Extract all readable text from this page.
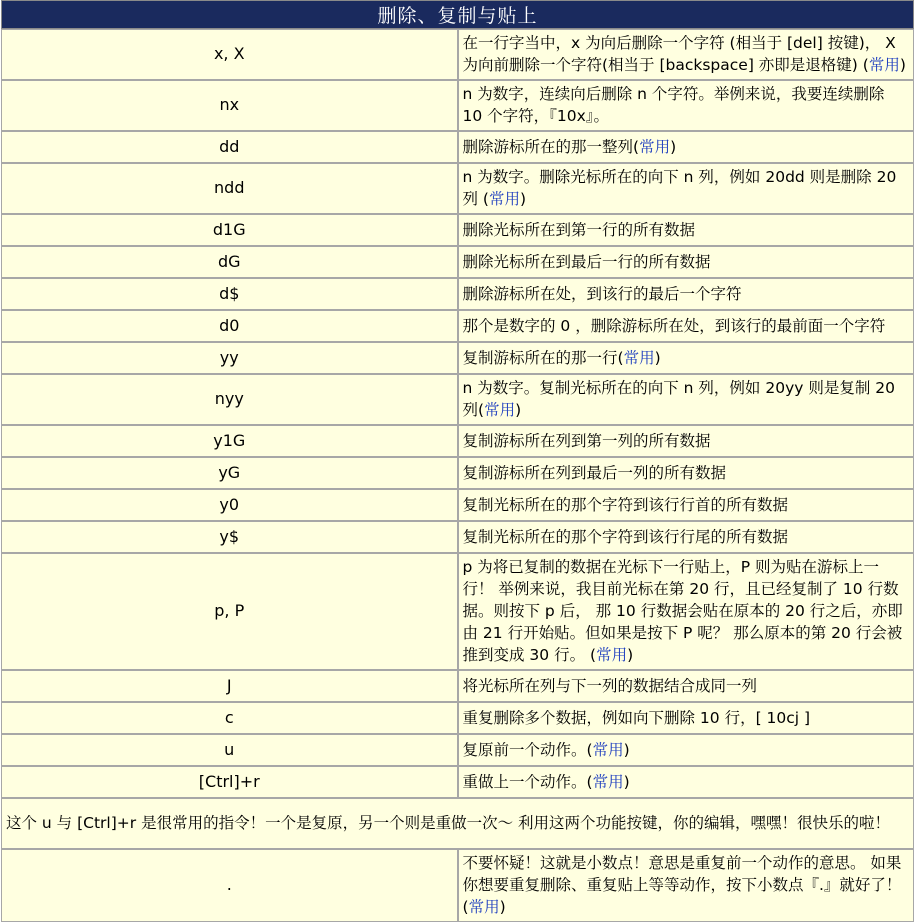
删除、复制与贴上	
x, X	在一行字当中，x 为向后删除一个字符 (相当于 [del] 按键)， X 为向前删除一个字符(相当于 [backspace] 亦即是退格键) (常用)
nx	n 为数字，连续向后删除 n 个字符。举例来说，我要连续删除 10 个字符，『10x』。
dd	删除游标所在的那一整列(常用)
ndd	n 为数字。删除光标所在的向下 n 列，例如 20dd 则是删除 20 列 (常用)
d1G	删除光标所在到第一行的所有数据
dG	删除光标所在到最后一行的所有数据
d$	删除游标所在处，到该行的最后一个字符
d0	那个是数字的 0 ，删除游标所在处，到该行的最前面一个字符
yy	复制游标所在的那一行(常用)
nyy	n 为数字。复制光标所在的向下 n 列，例如 20yy 则是复制 20 列(常用)
y1G	复制游标所在列到第一列的所有数据
yG	复制游标所在列到最后一列的所有数据
y0	复制光标所在的那个字符到该行行首的所有数据
y$	复制光标所在的那个字符到该行行尾的所有数据
p, P	p 为将已复制的数据在光标下一行贴上，P 则为贴在游标上一行！ 举例来说，我目前光标在第 20 行，且已经复制了 10 行数据。则按下 p 后， 那 10 行数据会贴在原本的 20 行之后，亦即由 21 行开始贴。但如果是按下 P 呢？ 那么原本的第 20 行会被推到变成 30 行。 (常用)
J	将光标所在列与下一列的数据结合成同一列
c	重复删除多个数据，例如向下删除 10 行，[ 10cj ]
u	复原前一个动作。(常用)
[Ctrl]+r	重做上一个动作。(常用)
这个 u 与 [Ctrl]+r 是很常用的指令！一个是复原，另一个则是重做一次～ 利用这两个功能按键，你的编辑，嘿嘿！很快乐的啦！	
.	不要怀疑！这就是小数点！意思是重复前一个动作的意思。 如果你想要重复删除、重复贴上等等动作，按下小数点『.』就好了！ (常用)
